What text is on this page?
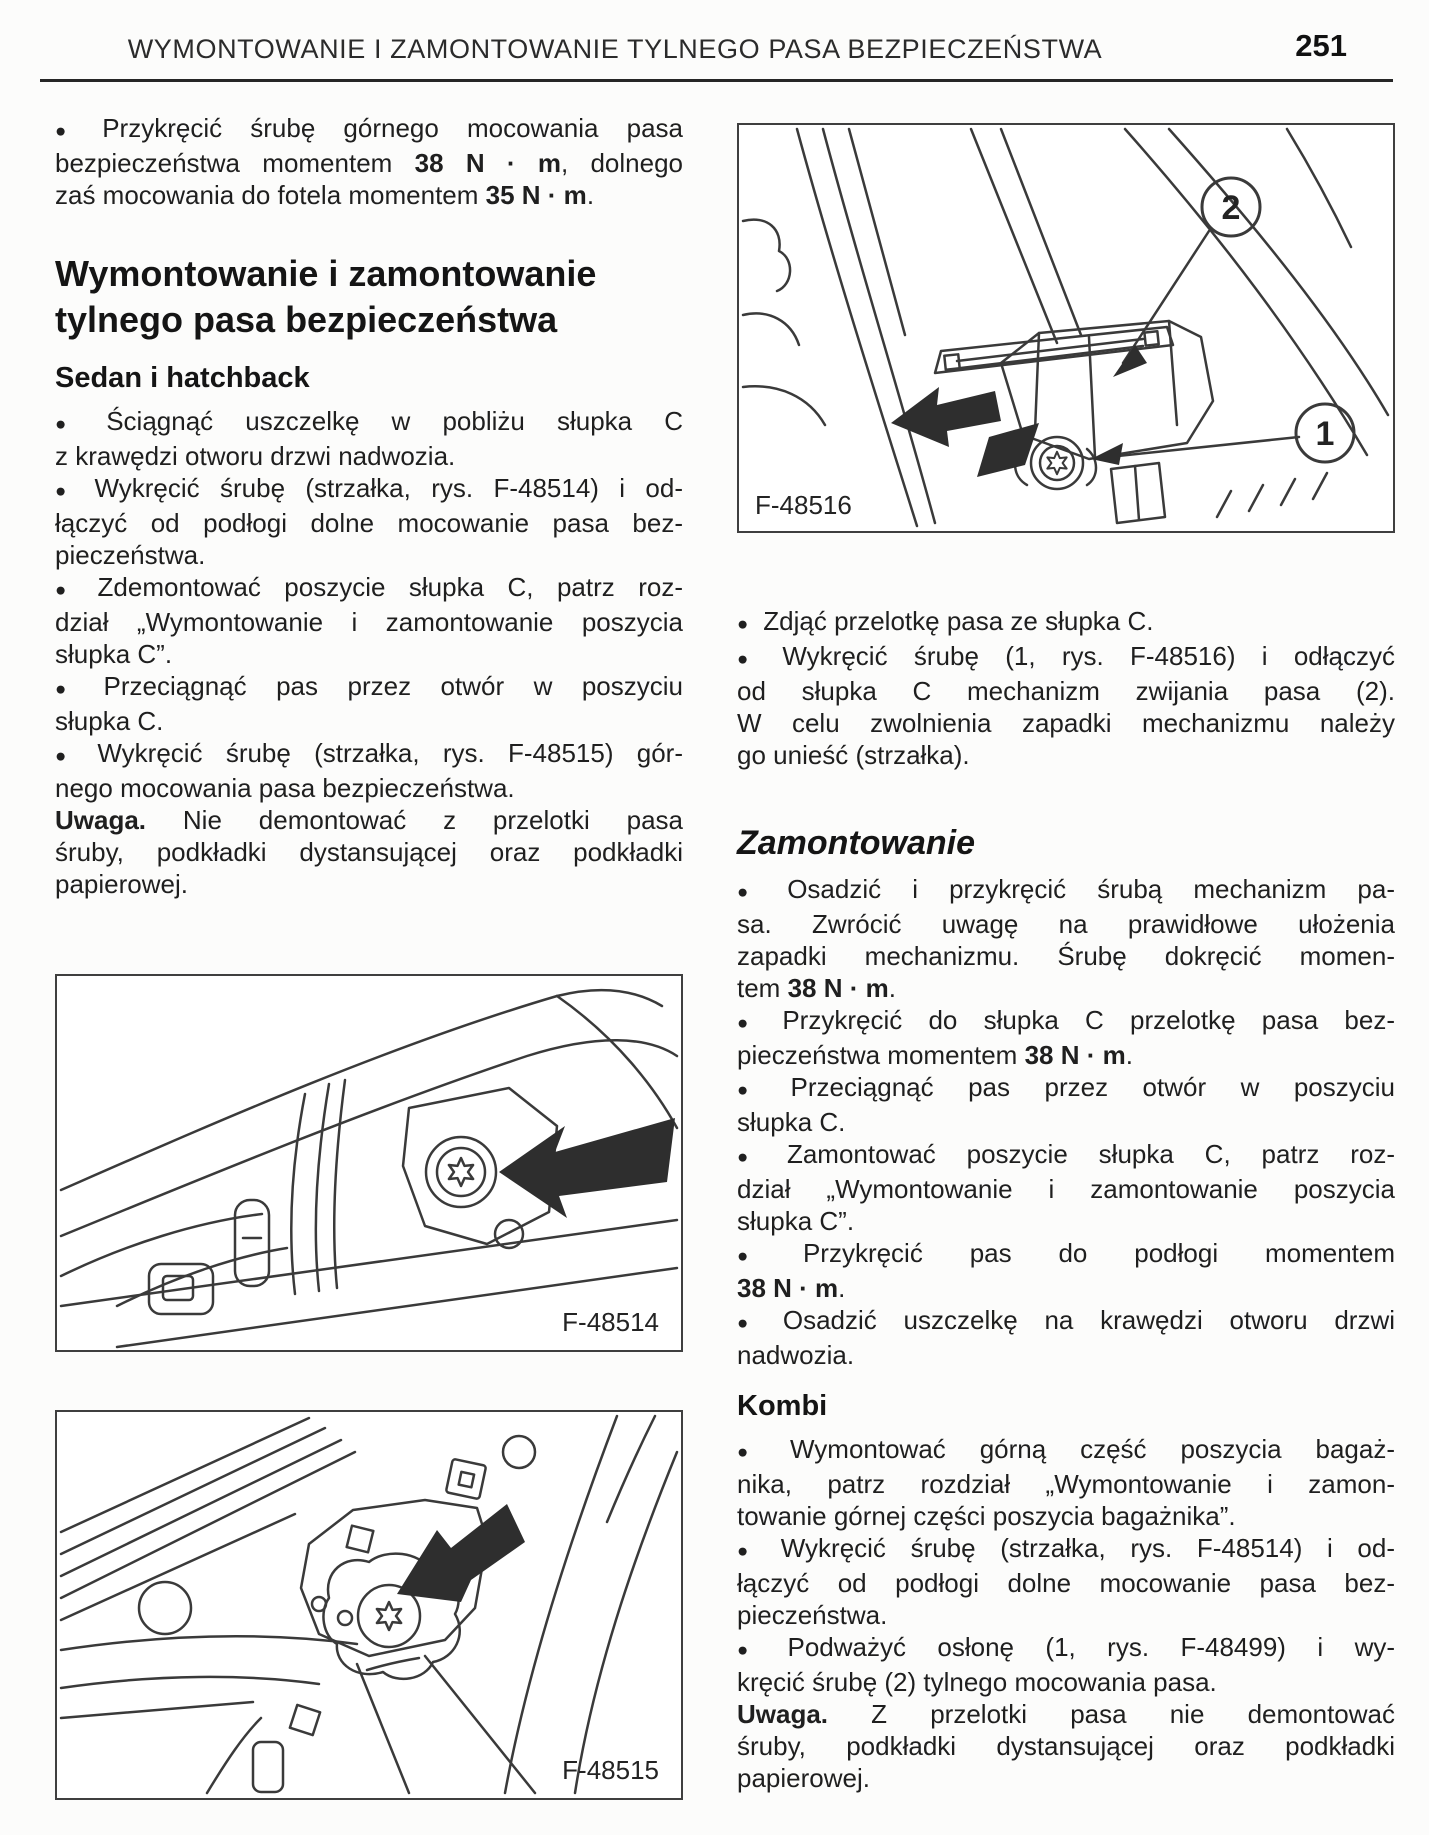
WYMONTOWANIE I ZAMONTOWANIE TYLNEGO PASA BEZPIECZEŃSTWA	251

● Przykręcić śrubę górnego mocowania pasa
bezpieczeństwa momentem 38 N · m, dolnego
zaś mocowania do fotela momentem 35 N · m.

Wymontowanie i zamontowanie
tylnego pasa bezpieczeństwa
Sedan i hatchback

● Ściągnąć uszczelkę w pobliżu słupka C
z krawędzi otworu drzwi nadwozia.

● Wykręcić śrubę (strzałka, rys. F-48514) i od-
łączyć od podłogi dolne mocowanie pasa bez-
pieczeństwa.

● Zdemontować poszycie słupka C, patrz roz-
dział „Wymontowanie i zamontowanie poszycia
słupka C”.

● Przeciągnąć pas przez otwór w poszyciu
słupka C.

● Wykręcić śrubę (strzałka, rys. F-48515) gór-
nego mocowania pasa bezpieczeństwa.

Uwaga. Nie demontować z przelotki pasa
śruby, podkładki dystansującej oraz podkładki
papierowej.

F-48514
F-48515
2
1
F-48516

● Zdjąć przelotkę pasa ze słupka C.

● Wykręcić śrubę (1, rys. F-48516) i odłączyć
od słupka C mechanizm zwijania pasa (2).
W celu zwolnienia zapadki mechanizmu należy
go unieść (strzałka).

Zamontowanie

● Osadzić i przykręcić śrubą mechanizm pa-
sa. Zwrócić uwagę na prawidłowe ułożenia
zapadki mechanizmu. Śrubę dokręcić momen-
tem 38 N · m.

● Przykręcić do słupka C przelotkę pasa bez-
pieczeństwa momentem 38 N · m.

● Przeciągnąć pas przez otwór w poszyciu
słupka C.

● Zamontować poszycie słupka C, patrz roz-
dział „Wymontowanie i zamontowanie poszycia
słupka C”.

● Przykręcić pas do podłogi momentem
38 N · m.

● Osadzić uszczelkę na krawędzi otworu drzwi
nadwozia.

Kombi

● Wymontować górną część poszycia bagaż-
nika, patrz rozdział „Wymontowanie i zamon-
towanie górnej części poszycia bagażnika”.

● Wykręcić śrubę (strzałka, rys. F-48514) i od-
łączyć od podłogi dolne mocowanie pasa bez-
pieczeństwa.

● Podważyć osłonę (1, rys. F-48499) i wy-
kręcić śrubę (2) tylnego mocowania pasa.

Uwaga. Z przelotki pasa nie demontować
śruby, podkładki dystansującej oraz podkładki
papierowej.
